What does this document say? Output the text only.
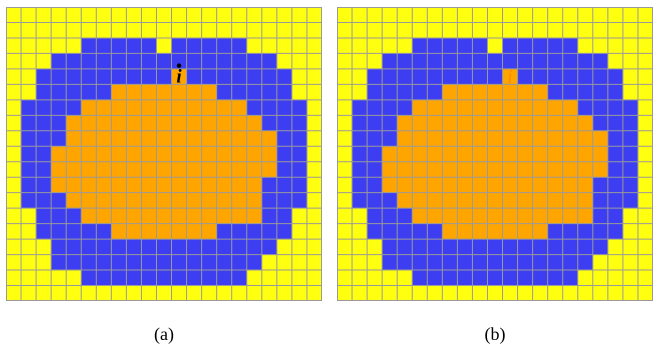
i	i
(a)	(b)
